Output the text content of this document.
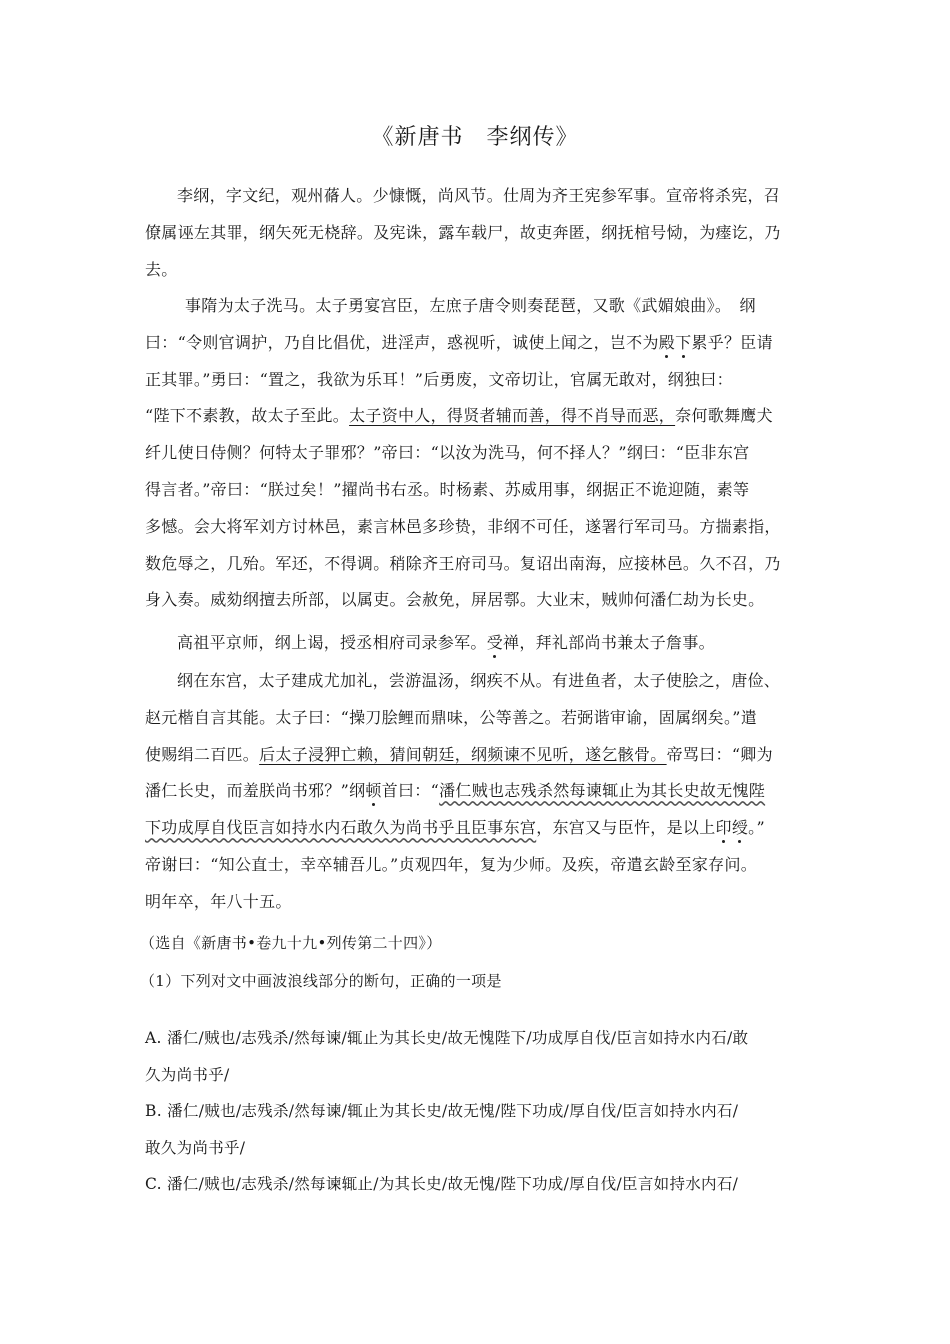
《新唐书　李纲传》
李纲，字文纪，观州蓨人。少慷慨，尚风节。仕周为齐王宪参军事。宣帝将杀宪，召
僚属诬左其罪，纲矢死无桡辞。及宪诛，露车载尸，故吏奔匿，纲抚棺号恸，为瘗讫，乃
去。
事隋为太子洗马。太子勇宴宫臣，左庶子唐令则奏琵琶，又歌《武媚娘曲》。　纲
曰：“令则官调护，乃自比倡优，进淫声，惑视听，诚使上闻之，岂不为殿下累乎？臣请
正其罪。”勇曰：“置之，我欲为乐耳！”后勇废，文帝切让，官属无敢对，纲独曰：
“陛下不素教，故太子至此。太子资中人，得贤者辅而善，得不肖导而恶，奈何歌舞鹰犬
纤儿使日侍侧？何特太子罪邪？”帝曰：“以汝为洗马，何不择人？”纲曰：“臣非东宫
得言者。”帝曰：“朕过矣！”擢尚书右丞。时杨素、苏威用事，纲据正不诡迎随，素等
多憾。会大将军刘方讨林邑，素言林邑多珍贽，非纲不可任，遂署行军司马。方揣素指，
数危辱之，几殆。军还，不得调。稍除齐王府司马。复诏出南海，应接林邑。久不召，乃
身入奏。威劾纲擅去所部，以属吏。会赦免，屏居鄠。大业末，贼帅何潘仁劫为长史。
高祖平京师，纲上谒，授丞相府司录参军。受禅，拜礼部尚书兼太子詹事。
纲在东宫，太子建成尤加礼，尝游温汤，纲疾不从。有进鱼者，太子使脍之，唐俭、
赵元楷自言其能。太子曰：“操刀脍鲤而鼎味，公等善之。若弼谐审谕，固属纲矣。”遣
使赐绢二百匹。后太子浸狎亡赖，猜间朝廷，纲频谏不见听，遂乞骸骨。帝骂曰：“卿为
潘仁长史，而羞朕尚书邪？”纲顿首曰：“潘仁贼也志残杀然每谏辄止为其长史故无愧陛
下功成厚自伐臣言如持水内石敢久为尚书乎且臣事东宫，东宫又与臣忤，是以上印绶。”
帝谢曰：“知公直士，幸卒辅吾儿。”贞观四年，复为少师。及疾，帝遣玄龄至家存问。
明年卒，年八十五。
（选自《新唐书•卷九十九•列传第二十四》）
（1）下列对文中画波浪线部分的断句，正确的一项是
A. 潘仁/贼也/志残杀/然每谏/辄止为其长史/故无愧陛下/功成厚自伐/臣言如持水内石/敢
久为尚书乎/
B. 潘仁/贼也/志残杀/然每谏/辄止为其长史/故无愧/陛下功成/厚自伐/臣言如持水内石/
敢久为尚书乎/
C. 潘仁/贼也/志残杀/然每谏辄止/为其长史/故无愧/陛下功成/厚自伐/臣言如持水内石/
